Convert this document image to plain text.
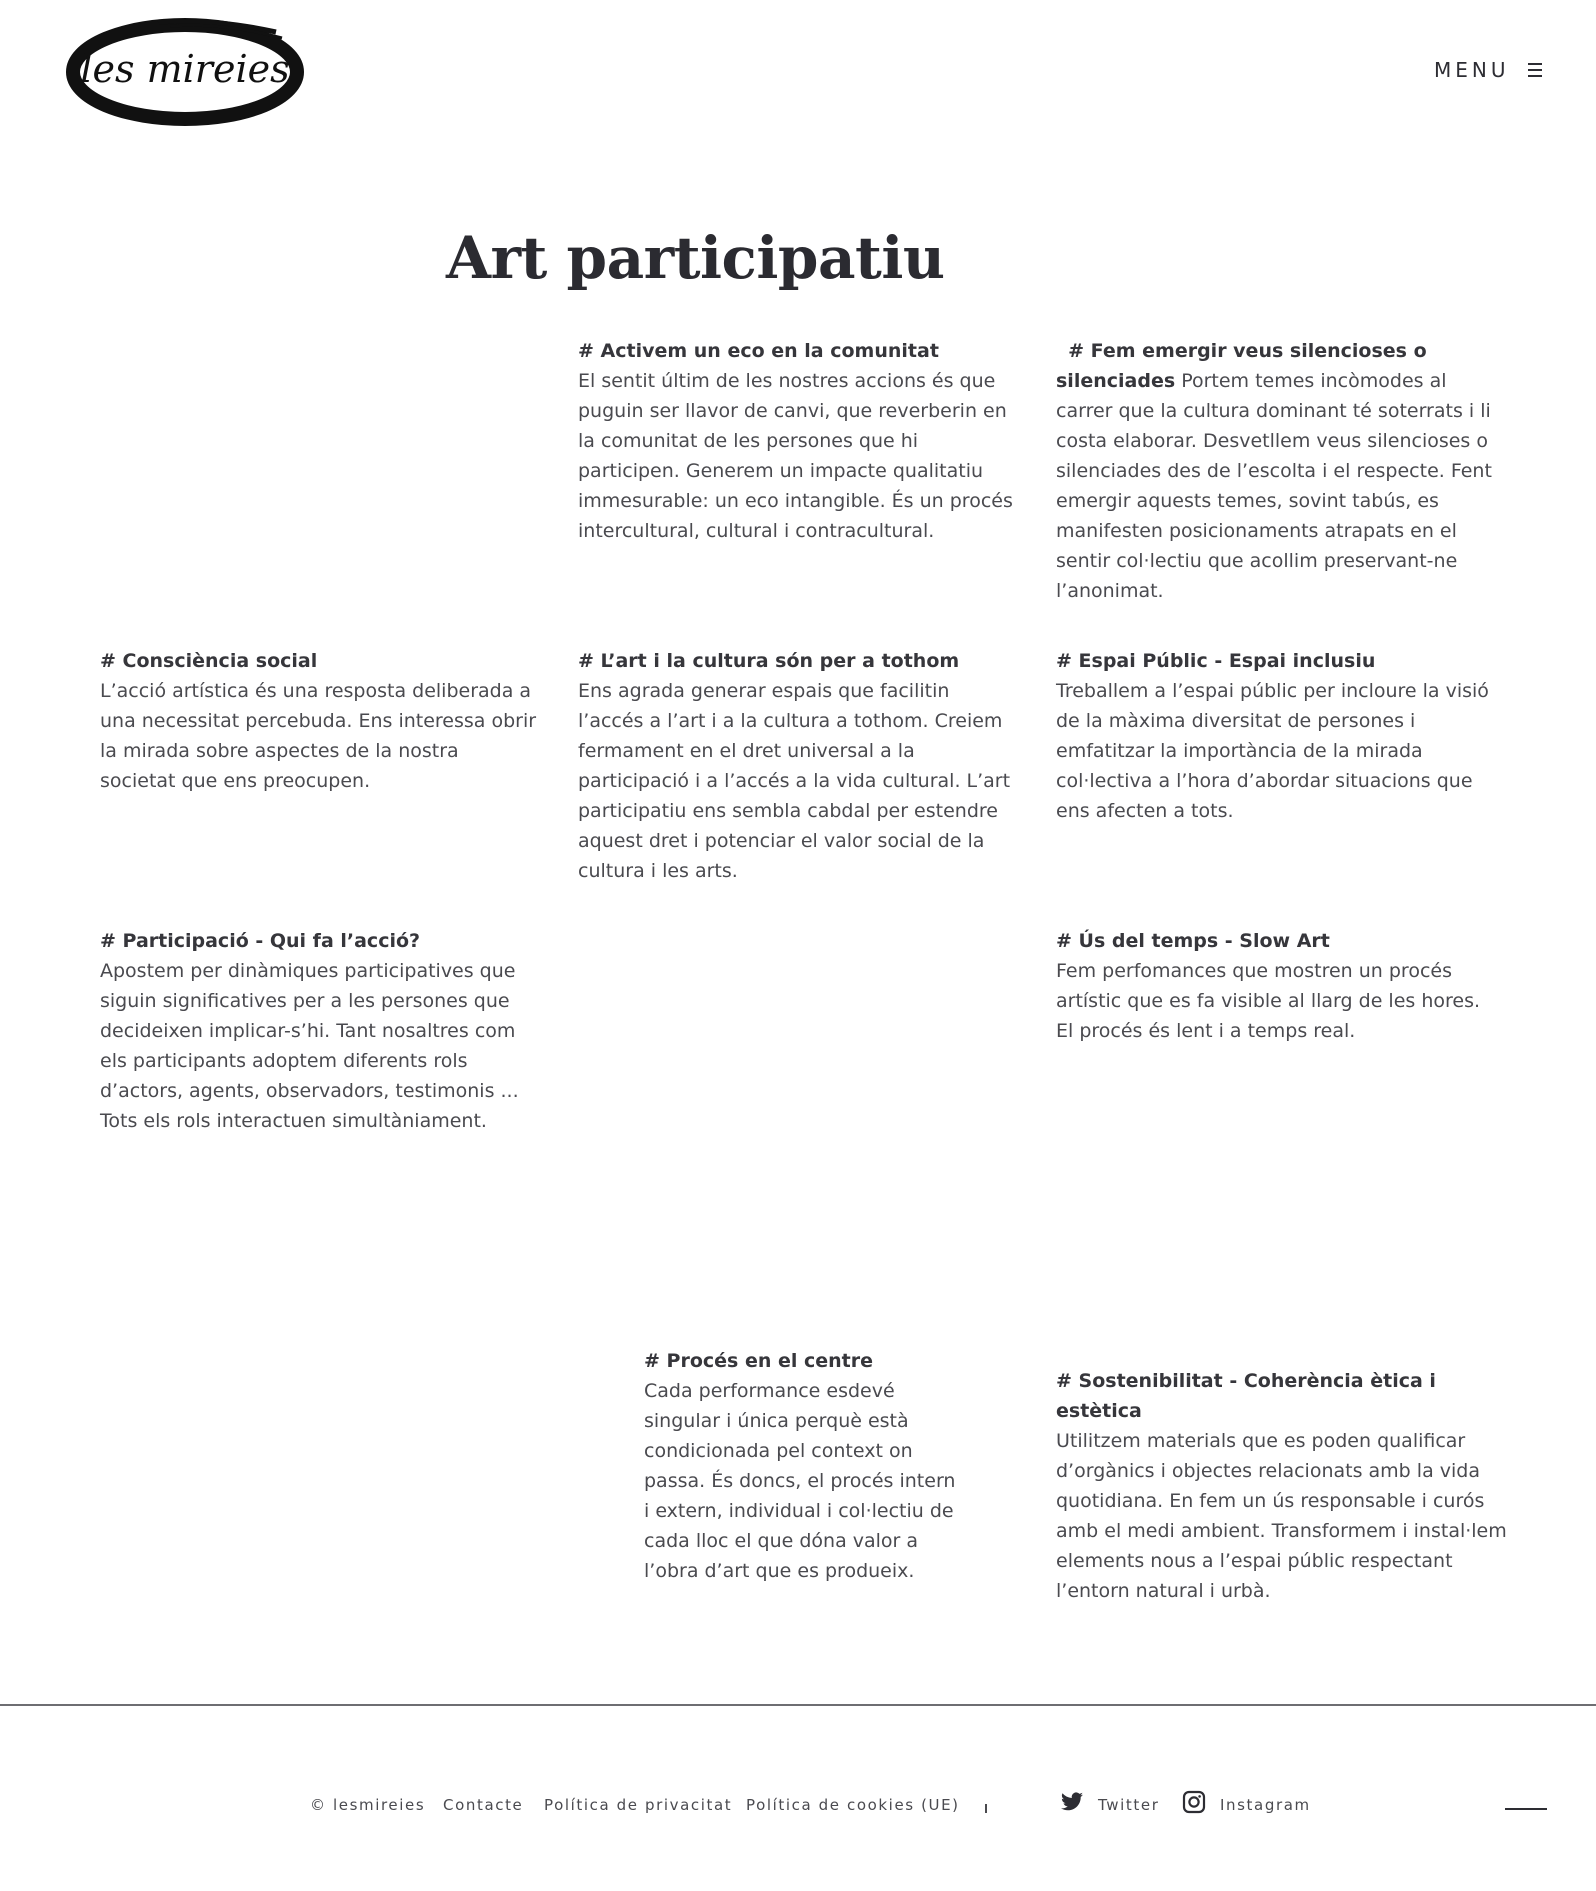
les mireies	MENU
Art participatiu
# Activem un eco en la comunitat
El sentit últim de les nostres accions és que puguin ser llavor de canvi, que reverberin en la comunitat de les persones que hi participen. Generem un impacte qualitatiu immesurable: un eco intangible. És un procés intercultural, cultural i contracultural.
# Fem emergir veus silencioses o silenciades Portem temes incòmodes al carrer que la cultura dominant té soterrats i li costa elaborar. Desvetllem veus silencioses o silenciades des de l’escolta i el respecte. Fent emergir aquests temes, sovint tabús, es manifesten posicionaments atrapats en el sentir col·lectiu que acollim preservant-ne l’anonimat.
# Consciència social
L’acció artística és una resposta deliberada a una necessitat percebuda. Ens interessa obrir la mirada sobre aspectes de la nostra societat que ens preocupen.
# L’art i la cultura són per a tothom
Ens agrada generar espais que facilitin l’accés a l’art i a la cultura a tothom. Creiem fermament en el dret universal a la participació i a l’accés a la vida cultural. L’art participatiu ens sembla cabdal per estendre aquest dret i potenciar el valor social de la cultura i les arts.
# Espai Públic - Espai inclusiu
Treballem a l’espai públic per incloure la visió de la màxima diversitat de persones i emfatitzar la importància de la mirada col·lectiva a l’hora d’abordar situacions que ens afecten a tots.
# Participació - Qui fa l’acció?
Apostem per dinàmiques participatives que siguin significatives per a les persones que decideixen implicar-s’hi. Tant nosaltres com els participants adoptem diferents rols d’actors, agents, observadors, testimonis ... Tots els rols interactuen simultàniament.
# Ús del temps - Slow Art
Fem perfomances que mostren un procés artístic que es fa visible al llarg de les hores. El procés és lent i a temps real.
# Procés en el centre
Cada performance esdevé singular i única perquè està condicionada pel context on passa. És doncs, el procés intern i extern, individual i col·lectiu de cada lloc el que dóna valor a l’obra d’art que es produeix.
# Sostenibilitat - Coherència ètica i estètica
Utilitzem materials que es poden qualificar d’orgànics i objectes relacionats amb la vida quotidiana. En fem un ús responsable i curós amb el medi ambient. Transformem i instal·lem elements nous a l’espai públic respectant l’entorn natural i urbà.
© lesmireies Contacte Política de privacitat Política de cookies (UE)	Twitter	Instagram
